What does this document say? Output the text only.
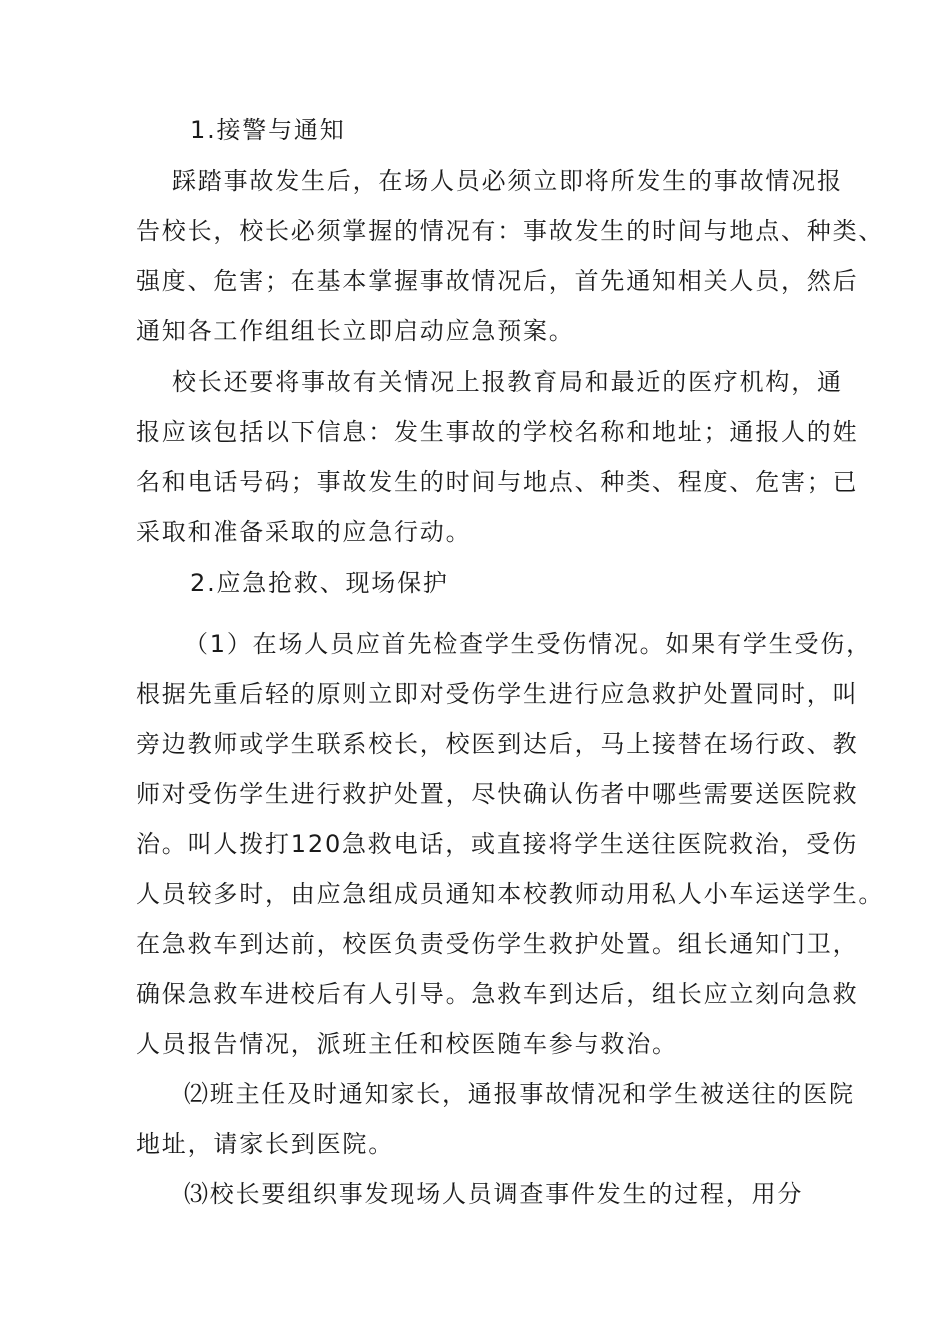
1.接警与通知
踩踏事故发生后，在场人员必须立即将所发生的事故情况报
告校长，校长必须掌握的情况有：事故发生的时间与地点、种类、
强度、危害；在基本掌握事故情况后，首先通知相关人员，然后
通知各工作组组长立即启动应急预案。
校长还要将事故有关情况上报教育局和最近的医疗机构，通
报应该包括以下信息：发生事故的学校名称和地址；通报人的姓
名和电话号码；事故发生的时间与地点、种类、程度、危害；已
采取和准备采取的应急行动。
2.应急抢救、现场保护
（1）在场人员应首先检查学生受伤情况。如果有学生受伤，
根据先重后轻的原则立即对受伤学生进行应急救护处置同时，叫
旁边教师或学生联系校长，校医到达后，马上接替在场行政、教
师对受伤学生进行救护处置，尽快确认伤者中哪些需要送医院救
治。叫人拨打120急救电话，或直接将学生送往医院救治，受伤
人员较多时，由应急组成员通知本校教师动用私人小车运送学生。
在急救车到达前，校医负责受伤学生救护处置。组长通知门卫，
确保急救车进校后有人引导。急救车到达后，组长应立刻向急救
人员报告情况，派班主任和校医随车参与救治。
⑵班主任及时通知家长，通报事故情况和学生被送往的医院
地址，请家长到医院。
⑶校长要组织事发现场人员调查事件发生的过程，用分
